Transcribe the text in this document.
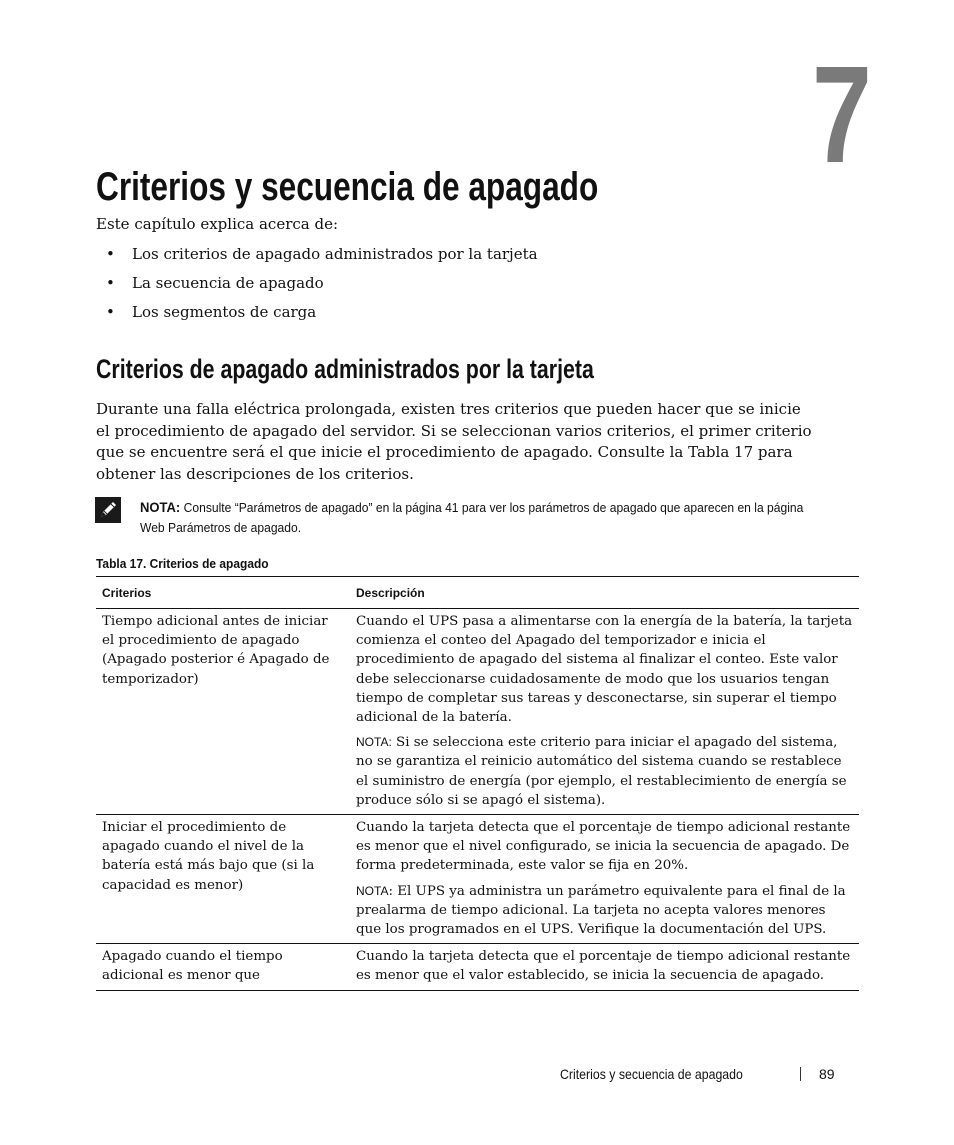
7
Criterios y secuencia de apagado

Este capítulo explica acerca de:

• Los criterios de apagado administrados por la tarjeta
• La secuencia de apagado
• Los segmentos de carga
Criterios de apagado administrados por la tarjeta

Durante una falla eléctrica prolongada, existen tres criterios que pueden hacer que se inicie el procedimiento de apagado del servidor. Si se seleccionan varios criterios, el primer criterio que se encuentre será el que inicie el procedimiento de apagado. Consulte la Tabla 17 para obtener las descripciones de los criterios.

NOTA: Consulte “Parámetros de apagado” en la página 41 para ver los parámetros de apagado que aparecen en la página Web Parámetros de apagado.

Tabla 17. Criterios de apagado

Criterios	Descripción

Tiempo adicional antes de iniciar el procedimiento de apagado (Apagado posterior é Apagado de temporizador)	Cuando el UPS pasa a alimentarse con la energía de la batería, la tarjeta comienza el conteo del Apagado del temporizador e inicia el procedimiento de apagado del sistema al finalizar el conteo. Este valor debe seleccionarse cuidadosamente de modo que los usuarios tengan tiempo de completar sus tareas y desconectarse, sin superar el tiempo adicional de la batería.

NOTA: Si se selecciona este criterio para iniciar el apagado del sistema, no se garantiza el reinicio automático del sistema cuando se restablece el suministro de energía (por ejemplo, el restablecimiento de energía se produce sólo si se apagó el sistema).

Iniciar el procedimiento de apagado cuando el nivel de la batería está más bajo que (si la capacidad es menor)	Cuando la tarjeta detecta que el porcentaje de tiempo adicional restante es menor que el nivel configurado, se inicia la secuencia de apagado. De forma predeterminada, este valor se fija en 20%.

NOTA: El UPS ya administra un parámetro equivalente para el final de la prealarma de tiempo adicional. La tarjeta no acepta valores menores que los programados en el UPS. Verifique la documentación del UPS.

Apagado cuando el tiempo adicional es menor que	Cuando la tarjeta detecta que el porcentaje de tiempo adicional restante es menor que el valor establecido, se inicia la secuencia de apagado.

Criterios y secuencia de apagado	89
